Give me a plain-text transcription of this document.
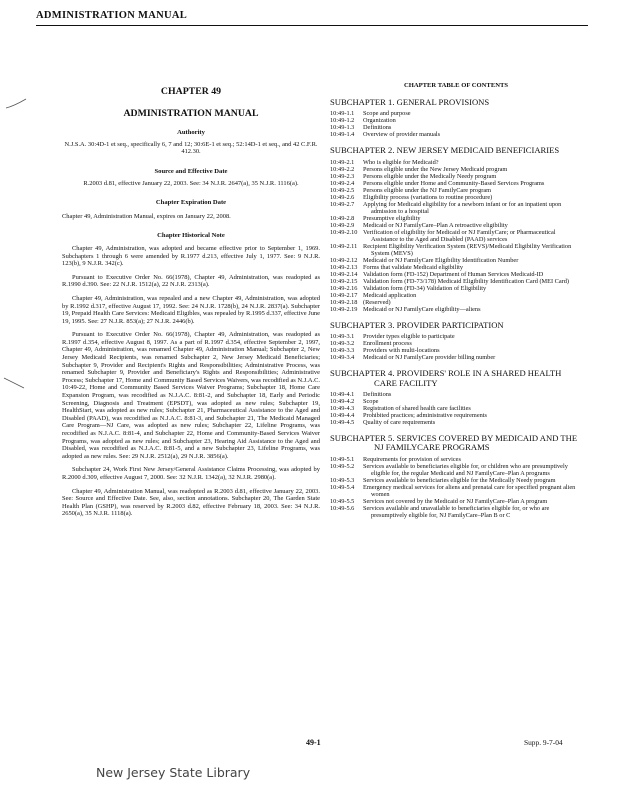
ADMINISTRATION MANUAL
CHAPTER 49
ADMINISTRATION MANUAL
Authority
N.J.S.A. 30:4D-1 et seq., specifically 6, 7 and 12; 30:6E-1 et seq.; 52:14D-1 et seq., and 42 C.F.R. 412.30.
Source and Effective Date
R.2003 d.81, effective January 22, 2003. See: 34 N.J.R. 2647(a), 35 N.J.R. 1116(a).
Chapter Expiration Date
Chapter 49, Administration Manual, expires on January 22, 2008.
Chapter Historical Note
Chapter 49, Administration, was adopted and became effective prior to September 1, 1969. Subchapters 1 through 6 were amended by R.1977 d.213, effective July 1, 1977. See: 9 N.J.R. 123(b), 9 N.J.R. 342(c).
Pursuant to Executive Order No. 66(1978), Chapter 49, Administration, was readopted as R.1990 d.390. See: 22 N.J.R. 1512(a), 22 N.J.R. 2313(a).
Chapter 49, Administration, was repealed and a new Chapter 49, Administration, was adopted by R.1992 d.317, effective August 17, 1992. See: 24 N.J.R. 1728(b), 24 N.J.R. 2837(a). Subchapter 19, Prepaid Health Care Services: Medicaid Eligibles, was repealed by R.1995 d.337, effective June 19, 1995. See: 27 N.J.R. 853(a); 27 N.J.R. 2446(b).
Pursuant to Executive Order No. 66(1978), Chapter 49, Administration, was readopted as R.1997 d.354, effective August 8, 1997. As a part of R.1997 d.354, effective September 2, 1997, Chapter 49, Administration, was renamed Chapter 49, Administration Manual; Subchapter 2, New Jersey Medicaid Recipients, was renamed Subchapter 2, New Jersey Medicaid Beneficiaries; Subchapter 9, Provider and Recipient's Rights and Responsibilities; Administrative Process, was renamed Subchapter 9, Provider and Beneficiary's Rights and Responsibilities; Administrative Process; Subchapter 17, Home and Community Based Services Waivers, was recodified as N.J.A.C. 10:49-22, Home and Community Based Services Waiver Programs; Subchapter 18, Home Care Expansion Program, was recodified as N.J.A.C. 8:81-2, and Subchapter 18, Early and Periodic Screening, Diagnosis and Treatment (EPSDT), was adopted as new rules; Subchapter 19, HealthStart, was adopted as new rules; Subchapter 21, Pharmaceutical Assistance to the Aged and Disabled (PAAD), was recodified as N.J.A.C. 8:81-3, and Subchapter 21, The Medicaid Managed Care Program—NJ Care, was adopted as new rules; Subchapter 22, Lifeline Programs, was recodified as N.J.A.C. 8:81-4, and Subchapter 22, Home and Community-Based Services Waiver Programs, was adopted as new rules; and Subchapter 23, Hearing Aid Assistance to the Aged and Disabled, was recodified as N.J.A.C. 8:81-5, and a new Subchapter 23, Lifeline Programs, was adopted as new rules. See: 29 N.J.R. 2512(a), 29 N.J.R. 3856(a).
Subchapter 24, Work First New Jersey/General Assistance Claims Processing, was adopted by R.2000 d.309, effective August 7, 2000. See: 32 N.J.R. 1342(a), 32 N.J.R. 2980(a).
Chapter 49, Administration Manual, was readopted as R.2003 d.81, effective January 22, 2003. See: Source and Effective Date. See, also, section annotations. Subchapter 20, The Garden State Health Plan (GSHP), was reserved by R.2003 d.82, effective February 18, 2003. See: 34 N.J.R. 2650(a), 35 N.J.R. 1118(a).
CHAPTER TABLE OF CONTENTS
SUBCHAPTER 1. GENERAL PROVISIONS
10:49-1.1	Scope and purpose
10:49-1.2	Organization
10:49-1.3	Definitions
10:49-1.4	Overview of provider manuals
SUBCHAPTER 2. NEW JERSEY MEDICAID BENEFICIARIES
10:49-2.1	Who is eligible for Medicaid?
10:49-2.2	Persons eligible under the New Jersey Medicaid program
10:49-2.3	Persons eligible under the Medically Needy program
10:49-2.4	Persons eligible under Home and Community-Based Services Programs
10:49-2.5	Persons eligible under the NJ FamilyCare program
10:49-2.6	Eligibility process (variations to routine procedure)
10:49-2.7	Applying for Medicaid eligibility for a newborn infant or for an inpatient upon admission to a hospital
10:49-2.8	Presumptive eligibility
10:49-2.9	Medicaid or NJ FamilyCare–Plan A retroactive eligibility
10:49-2.10 Verification of eligibility for Medicaid or NJ FamilyCare; or Pharmaceutical Assistance to the Aged and Disabled (PAAD) services
10:49-2.11 Recipient Eligibility Verification System (REVS)/Medicaid Eligibility Verification System (MEVS)
10:49-2.12 Medicaid or NJ FamilyCare Eligibility Identification Number
10:49-2.13 Forms that validate Medicaid eligibility
10:49-2.14 Validation form (FD-152) Department of Human Services Medicaid-ID
10:49-2.15 Validation form (FD-73/178) Medicaid Eligibility Identification Card (MEI Card)
10:49-2.16 Validation form (FD-34) Validation of Eligibility
10:49-2.17 Medicaid application
10:49-2.18 (Reserved)
10:49-2.19 Medicaid or NJ FamilyCare eligibility—aliens
SUBCHAPTER 3. PROVIDER PARTICIPATION
10:49-3.1	Provider types eligible to participate
10:49-3.2	Enrollment process
10:49-3.3	Providers with multi-locations
10:49-3.4	Medicaid or NJ FamilyCare provider billing number
SUBCHAPTER 4. PROVIDERS' ROLE IN A SHARED HEALTH CARE FACILITY
10:49-4.1	Definitions
10:49-4.2	Scope
10:49-4.3	Registration of shared health care facilities
10:49-4.4	Prohibited practices; administrative requirements
10:49-4.5	Quality of care requirements
SUBCHAPTER 5. SERVICES COVERED BY MEDICAID AND THE NJ FAMILYCARE PROGRAMS
10:49-5.1	Requirements for provision of services
10:49-5.2	Services available to beneficiaries eligible for, or children who are presumptively eligible for, the regular Medicaid and NJ FamilyCare–Plan A programs
10:49-5.3	Services available to beneficiaries eligible for the Medically Needy program
10:49-5.4	Emergency medical services for aliens and prenatal care for specified pregnant alien women
10:49-5.5	Services not covered by the Medicaid or NJ FamilyCare–Plan A program
10:49-5.6	Services available and unavailable to beneficiaries eligible for, or who are presumptively eligible for, NJ FamilyCare–Plan B or C
49-1	Supp. 9-7-04
New Jersey State Library
